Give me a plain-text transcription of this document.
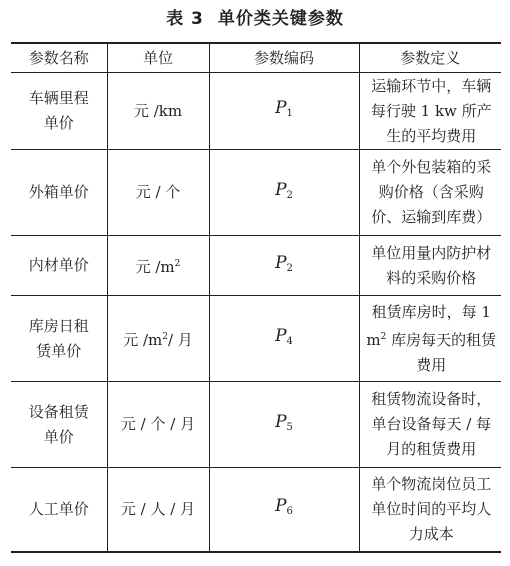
表 3 单价类关键参数
参数名称	单位	参数编码	参数定义
车辆里程单价	元 /km	$P_1$	运输环节中，车辆每行驶 1 kw 所产生的平均费用
外箱单价	元 / 个	$P_2$	单个外包装箱的采购价格（含采购价、运输到库费）
内材单价	元 $/m^2$	$P_2$	单位用量内防护材料的采购价格
库房日租赁单价	元 $/m^2/$ 月	$P_4$	租赁库房时，每 1 $m^2$ 库房每天的租赁费用
设备租赁单价	元 / 个 / 月	$P_5$	租赁物流设备时，单台设备每天 / 每月的租赁费用
人工单价	元 / 人 / 月	$P_6$	单个物流岗位员工单位时间的平均人力成本
